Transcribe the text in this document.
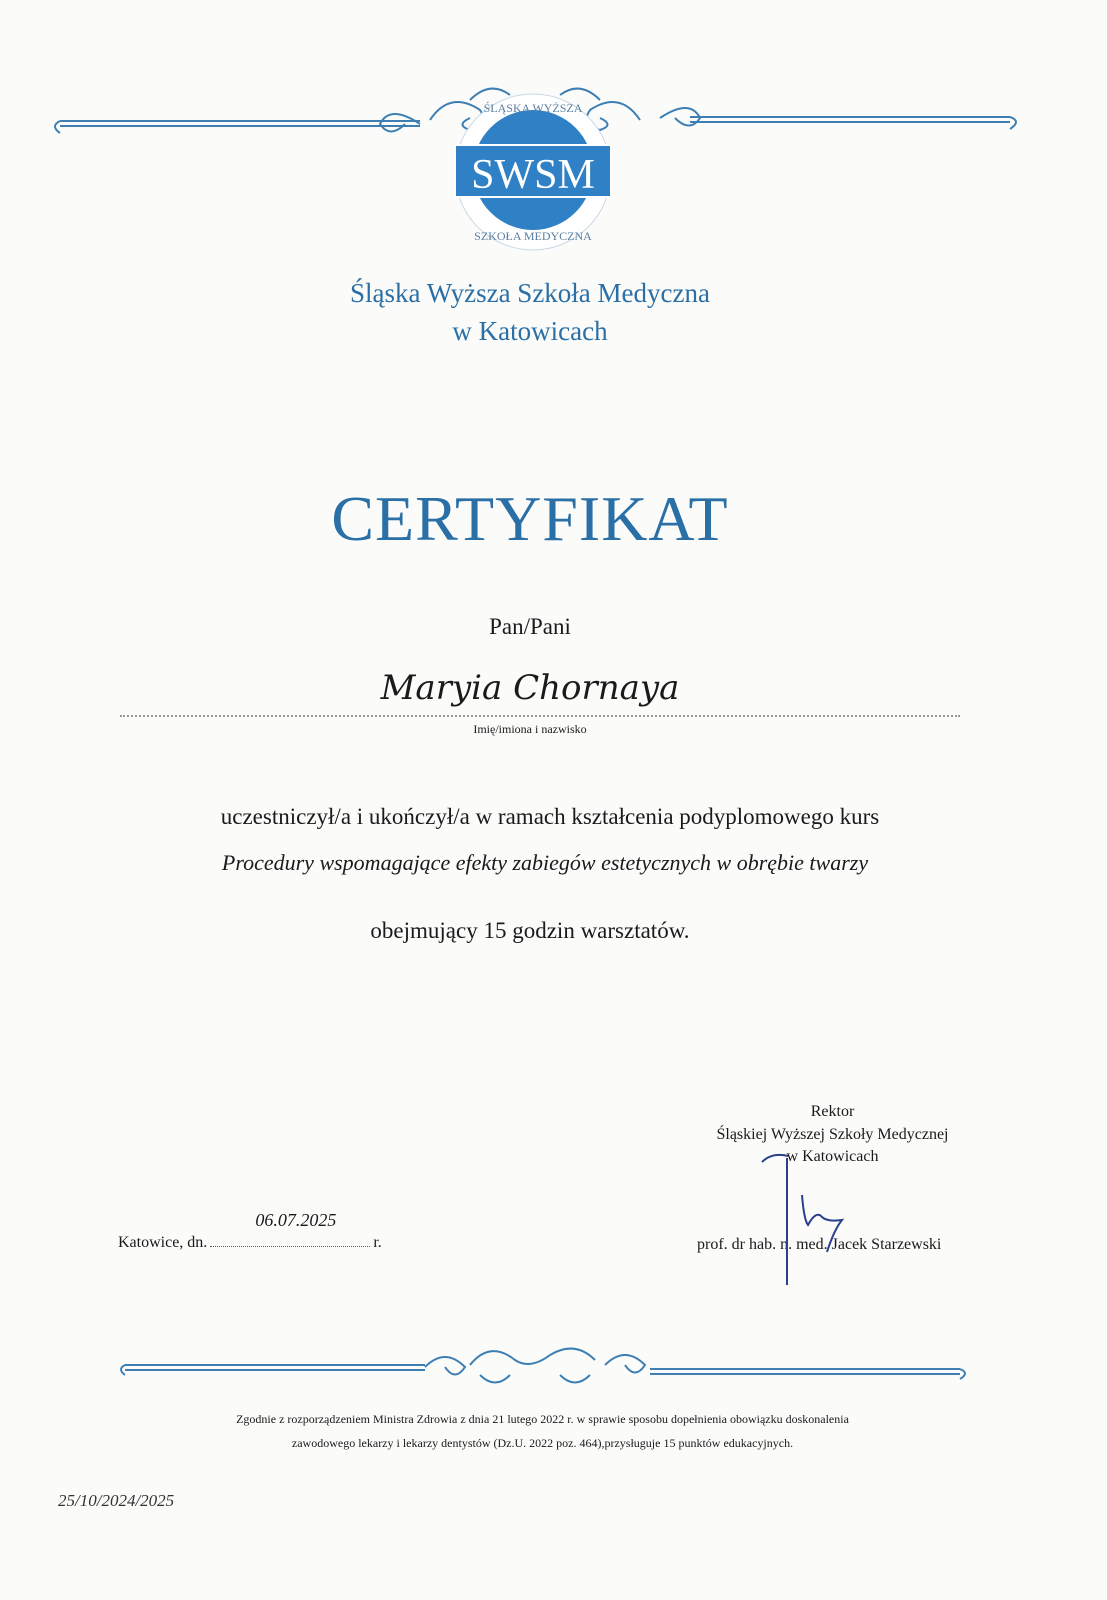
SWSM
ŚLĄSKA WYŻSZA
SZKOŁA MEDYCZNA
Śląska Wyższa Szkoła Medyczna
w Katowicach
CERTYFIKAT
Pan/Pani
Maryia Chornaya
Imię/imiona i nazwisko
uczestniczył/a i ukończył/a w ramach kształcenia podyplomowego kurs
Procedury wspomagające efekty zabiegów estetycznych w obrębie twarzy
obejmujący 15 godzin warsztatów.
Rektor
Śląskiej Wyższej Szkoły Medycznej
w Katowicach
Katowice, dn.
06.07.2025
r.	prof. dr hab. n. med. Jacek Starzewski
Zgodnie z rozporządzeniem Ministra Zdrowia z dnia 21 lutego 2022 r. w sprawie sposobu dopełnienia obowiązku doskonalenia
zawodowego lekarzy i lekarzy dentystów (Dz.U. 2022 poz. 464),przysługuje 15 punktów edukacyjnych.
25/10/2024/2025
